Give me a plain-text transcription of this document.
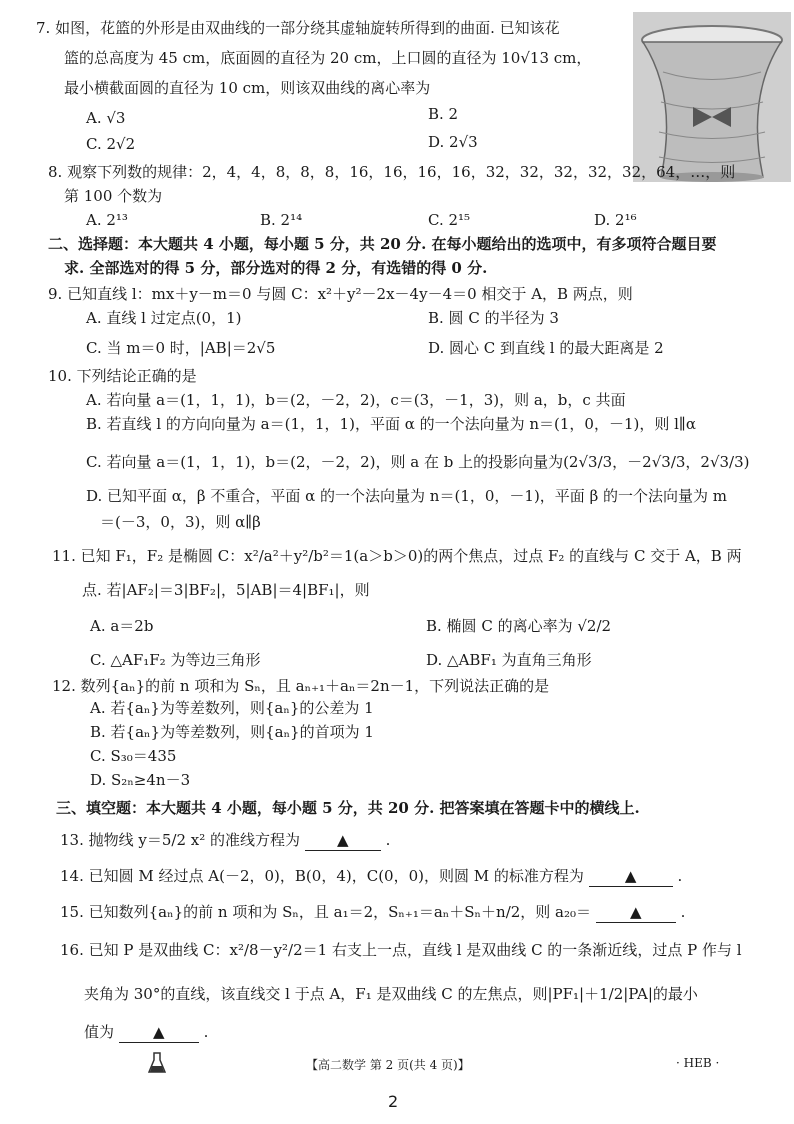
7. 如图，花篮的外形是由双曲线的一部分绕其虚轴旋转所得到的曲面. 已知该花
篮的总高度为 45 cm，底面圆的直径为 20 cm，上口圆的直径为 10√13 cm，
最小横截面圆的直径为 10 cm，则该双曲线的离心率为
A. √3	B. 2
C. 2√2	D. 2√3
8. 观察下列数的规律：2，4，4，8，8，8，16，16，16，16，32，32，32，32，32，64，…，则
第 100 个数为
A. 2¹³	B. 2¹⁴	C. 2¹⁵	D. 2¹⁶
二、选择题：本大题共 4 小题，每小题 5 分，共 20 分. 在每小题给出的选项中，有多项符合题目要
求. 全部选对的得 5 分，部分选对的得 2 分，有选错的得 0 分.
9. 已知直线 l：mx＋y－m＝0 与圆 C：x²＋y²－2x－4y－4＝0 相交于 A，B 两点，则
A. 直线 l 过定点(0，1)	B. 圆 C 的半径为 3
C. 当 m＝0 时，|AB|＝2√5	D. 圆心 C 到直线 l 的最大距离是 2
10. 下列结论正确的是
A. 若向量 a＝(1，1，1)，b＝(2，－2，2)，c＝(3，－1，3)，则 a，b，c 共面
B. 若直线 l 的方向向量为 a＝(1，1，1)，平面 α 的一个法向量为 n＝(1，0，－1)，则 l∥α
C. 若向量 a＝(1，1，1)，b＝(2，－2，2)，则 a 在 b 上的投影向量为(2√3/3，－2√3/3，2√3/3)
D. 已知平面 α，β 不重合，平面 α 的一个法向量为 n＝(1，0，－1)，平面 β 的一个法向量为 m
＝(－3，0，3)，则 α∥β
11. 已知 F₁，F₂ 是椭圆 C：x²/a²＋y²/b²＝1(a＞b＞0)的两个焦点，过点 F₂ 的直线与 C 交于 A，B 两
点. 若|AF₂|＝3|BF₂|，5|AB|＝4|BF₁|，则
A. a＝2b	B. 椭圆 C 的离心率为 √2/2
C. △AF₁F₂ 为等边三角形	D. △ABF₁ 为直角三角形
12. 数列{aₙ}的前 n 项和为 Sₙ，且 aₙ₊₁＋aₙ＝2n－1，下列说法正确的是
A. 若{aₙ}为等差数列，则{aₙ}的公差为 1
B. 若{aₙ}为等差数列，则{aₙ}的首项为 1
C. S₃₀＝435
D. S₂ₙ≥4n－3
三、填空题：本大题共 4 小题，每小题 5 分，共 20 分. 把答案填在答题卡中的横线上.
13. 抛物线 y＝5/2 x² 的准线方程为 ▲ .
14. 已知圆 M 经过点 A(－2，0)，B(0，4)，C(0，0)，则圆 M 的标准方程为	▲	.
15. 已知数列{aₙ}的前 n 项和为 Sₙ，且 a₁＝2，Sₙ₊₁＝aₙ＋Sₙ＋n/2，则 a₂₀＝	▲	.
16. 已知 P 是双曲线 C：x²/8－y²/2＝1 右支上一点，直线 l 是双曲线 C 的一条渐近线，过点 P 作与 l
夹角为 30°的直线，该直线交 l 于点 A，F₁ 是双曲线 C 的左焦点，则|PF₁|＋1/2|PA|的最小
值为	▲	.
【高二数学 第 2 页(共 4 页)】	· HEB ·
2
